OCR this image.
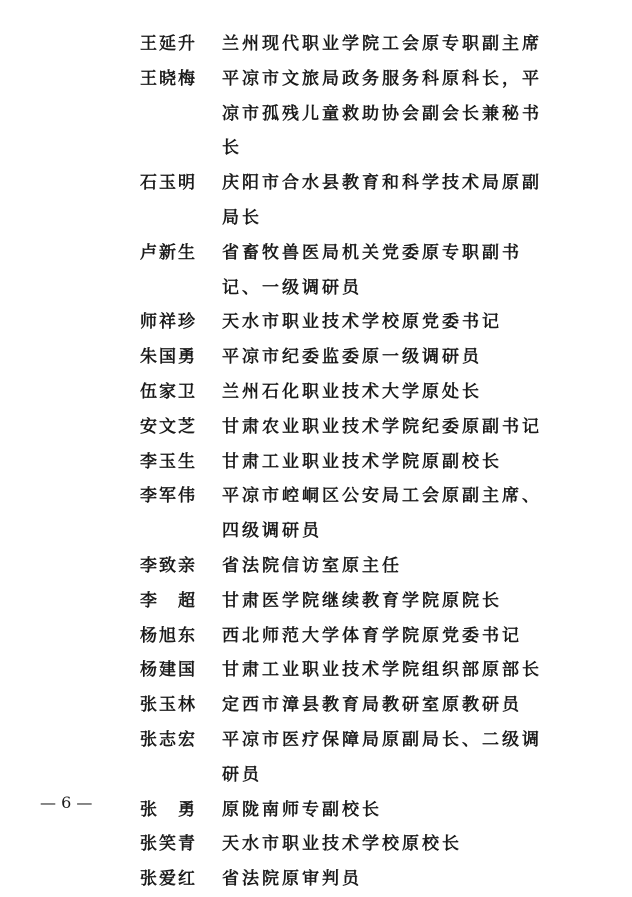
王延升	兰州现代职业学院工会原专职副主席
王晓梅	平凉市文旅局政务服务科原科长，平凉市孤残儿童救助协会副会长兼秘书长
石玉明	庆阳市合水县教育和科学技术局原副局长
卢新生	省畜牧兽医局机关党委原专职副书记、一级调研员
师祥珍	天水市职业技术学校原党委书记
朱国勇	平凉市纪委监委原一级调研员
伍家卫	兰州石化职业技术大学原处长
安文芝	甘肃农业职业技术学院纪委原副书记
李玉生	甘肃工业职业技术学院原副校长
李军伟	平凉市崆峒区公安局工会原副主席、四级调研员
李致亲	省法院信访室原主任
李　超	甘肃医学院继续教育学院原院长
杨旭东	西北师范大学体育学院原党委书记
杨建国	甘肃工业职业技术学院组织部原部长
张玉林	定西市漳县教育局教研室原教研员
张志宏	平凉市医疗保障局原副局长、二级调研员
张　勇	原陇南师专副校长
张笑青	天水市职业技术学校原校长
张爱红	省法院原审判员
— 6 —
